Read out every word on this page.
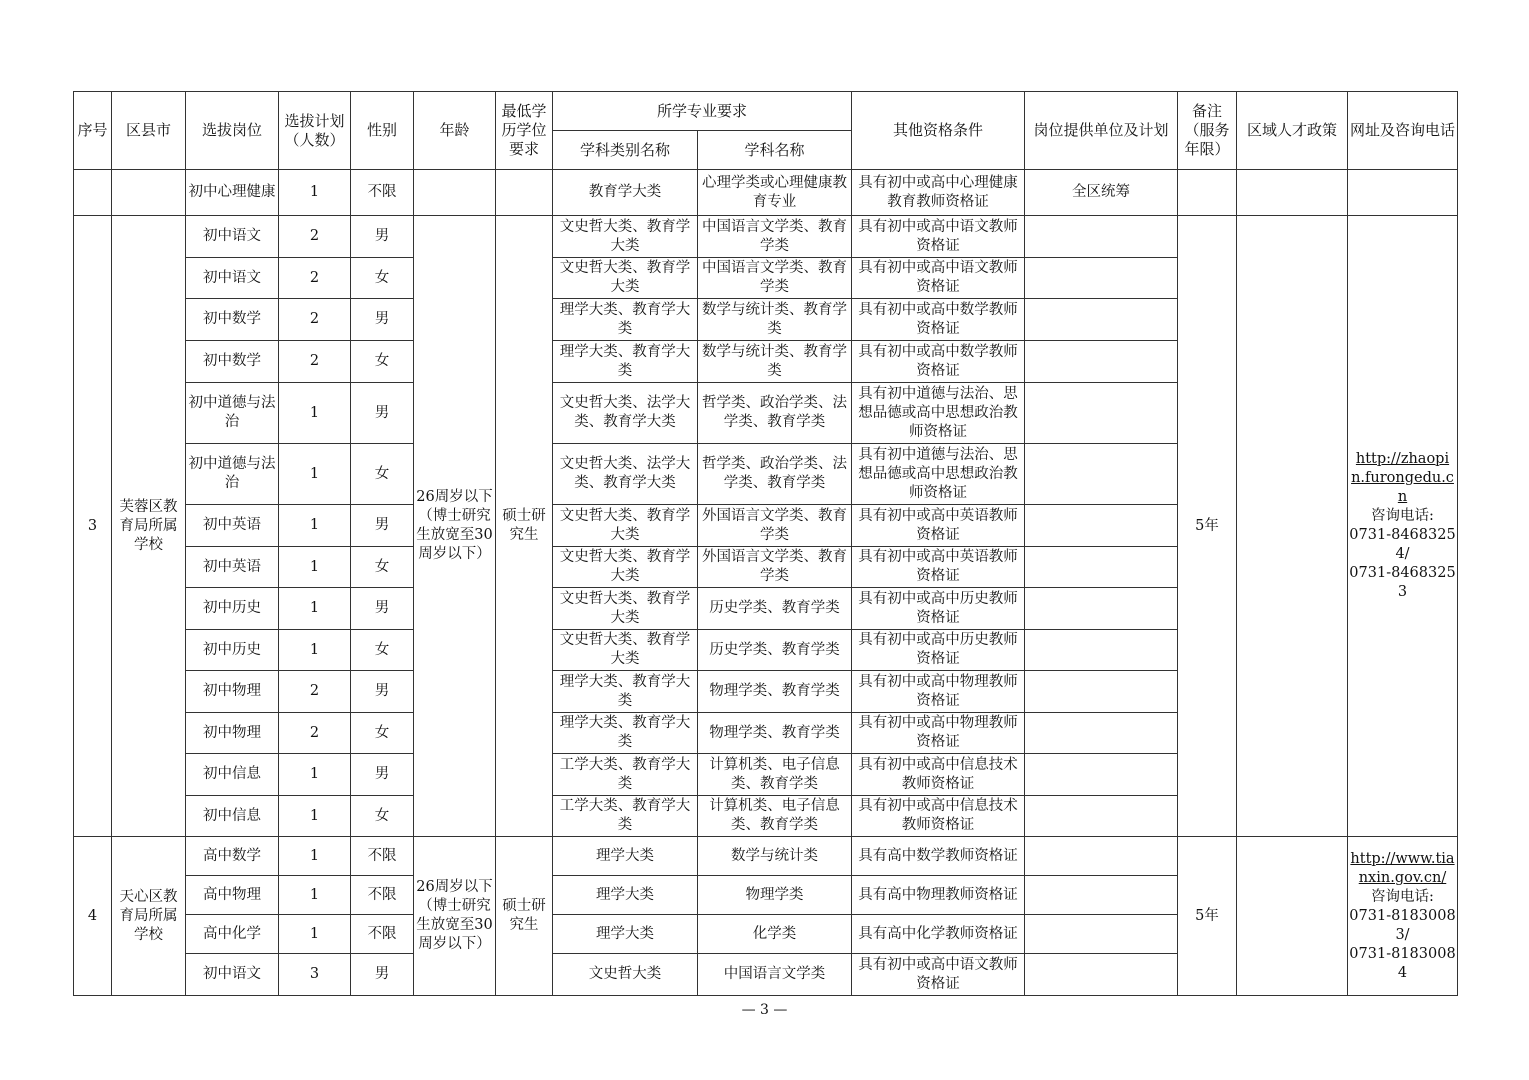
序号	区县市	选拔岗位	选拔计划（人数）	性别	年龄	最低学历学位要求	所学专业要求		其他资格条件	岗位提供单位及计划	备注（服务年限）	区域人才政策	网址及咨询电话
							学科类别名称	学科名称					
		初中心理健康	1	不限			教育学大类	心理学类或心理健康教育专业	具有初中或高中心理健康教育教师资格证	全区统筹			
3	芙蓉区教育局所属学校	初中语文	2	男	26周岁以下（博士研究生放宽至30周岁以下）	硕士研究生	文史哲大类、教育学大类	中国语言文学类、教育学类	具有初中或高中语文教师资格证		5年		http://zhaopin.furongedu.cn
咨询电话:
0731-84683254/
0731-84683253

		初中语文	2	女			文史哲大类、教育学大类	中国语言文学类、教育学类	具有初中或高中语文教师资格证				
		初中数学	2	男			理学大类、教育学大类	数学与统计类、教育学类	具有初中或高中数学教师资格证				
		初中数学	2	女			理学大类、教育学大类	数学与统计类、教育学类	具有初中或高中数学教师资格证				
		初中道德与法治	1	男			文史哲大类、法学大类、教育学大类	哲学类、政治学类、法学类、教育学类	具有初中道德与法治、思想品德或高中思想政治教师资格证				
		初中道德与法治	1	女			文史哲大类、法学大类、教育学大类	哲学类、政治学类、法学类、教育学类	具有初中道德与法治、思想品德或高中思想政治教师资格证				
		初中英语	1	男			文史哲大类、教育学大类	外国语言文学类、教育学类	具有初中或高中英语教师资格证				
		初中英语	1	女			文史哲大类、教育学大类	外国语言文学类、教育学类	具有初中或高中英语教师资格证				
		初中历史	1	男			文史哲大类、教育学大类	历史学类、教育学类	具有初中或高中历史教师资格证				
		初中历史	1	女			文史哲大类、教育学大类	历史学类、教育学类	具有初中或高中历史教师资格证				
		初中物理	2	男			理学大类、教育学大类	物理学类、教育学类	具有初中或高中物理教师资格证				
		初中物理	2	女			理学大类、教育学大类	物理学类、教育学类	具有初中或高中物理教师资格证				
		初中信息	1	男			工学大类、教育学大类	计算机类、电子信息类、教育学类	具有初中或高中信息技术教师资格证				
		初中信息	1	女			工学大类、教育学大类	计算机类、电子信息类、教育学类	具有初中或高中信息技术教师资格证				
4	天心区教育局所属学校	高中数学	1	不限	26周岁以下（博士研究生放宽至30周岁以下）	硕士研究生	理学大类	数学与统计类	具有高中数学教师资格证		5年		http://www.tianxin.gov.cn/
咨询电话:
0731-81830083/
0731-81830084

		高中物理	1	不限			理学大类	物理学类	具有高中物理教师资格证				
		高中化学	1	不限			理学大类	化学类	具有高中化学教师资格证				
		初中语文	3	男			文史哲大类	中国语言文学类	具有初中或高中语文教师资格证				
— 3 —
